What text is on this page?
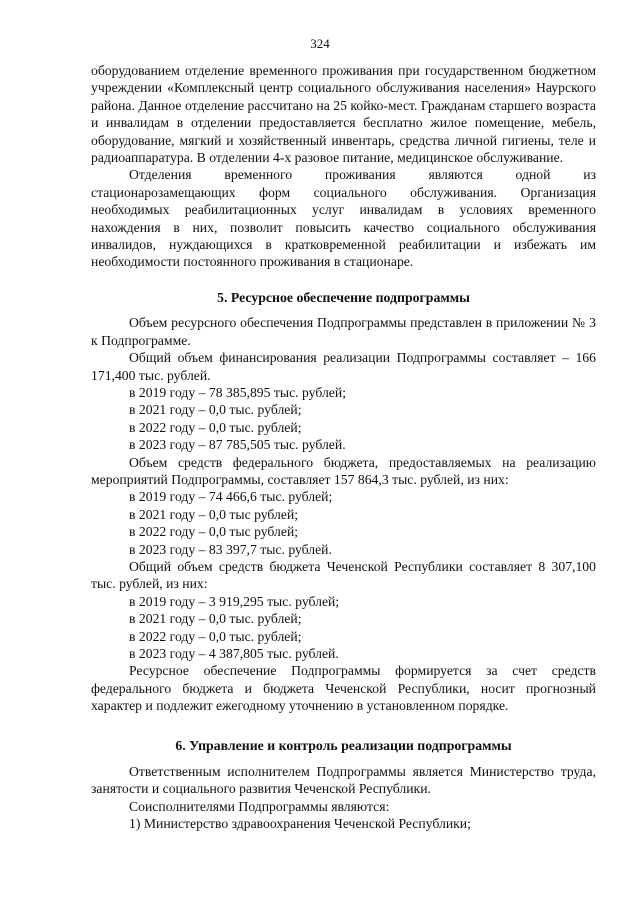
324

оборудованием отделение временного проживания при государственном бюджетном учреждении «Комплексный центр социального обслуживания населения» Наурского района. Данное отделение рассчитано на 25 койко-мест. Гражданам старшего возраста и инвалидам в отделении предоставляется бесплатно жилое помещение, мебель, оборудование, мягкий и хозяйственный инвентарь, средства личной гигиены, теле и радиоаппаратура. В отделении 4-х разовое питание, медицинское обслуживание.

Отделения временного проживания являются одной из стационарозамещающих форм социального обслуживания. Организация необходимых реабилитационных услуг инвалидам в условиях временного нахождения в них, позволит повысить качество социального обслуживания инвалидов, нуждающихся в кратковременной реабилитации и избежать им необходимости постоянного проживания в стационаре.

5. Ресурсное обеспечение подпрограммы

Объем ресурсного обеспечения Подпрограммы представлен в приложении № 3 к Подпрограмме.

Общий объем финансирования реализации Подпрограммы составляет – 166 171,400 тыс. рублей.

в 2019 году – 78 385,895 тыс. рублей;

в 2021 году – 0,0 тыс. рублей;

в 2022 году – 0,0 тыс. рублей;

в 2023 году – 87 785,505 тыс. рублей.

Объем средств федерального бюджета, предоставляемых на реализацию мероприятий Подпрограммы, составляет 157 864,3 тыс. рублей, из них:

в 2019 году – 74 466,6 тыс. рублей;

в 2021 году – 0,0 тыс рублей;

в 2022 году – 0,0 тыс рублей;

в 2023 году – 83 397,7 тыс. рублей.

Общий объем средств бюджета Чеченской Республики составляет 8 307,100 тыс. рублей, из них:

в 2019 году – 3 919,295 тыс. рублей;

в 2021 году – 0,0 тыс. рублей;

в 2022 году – 0,0 тыс. рублей;

в 2023 году – 4 387,805 тыс. рублей.

Ресурсное обеспечение Подпрограммы формируется за счет средств федерального бюджета и бюджета Чеченской Республики, носит прогнозный характер и подлежит ежегодному уточнению в установленном порядке.

6. Управление и контроль реализации подпрограммы

Ответственным исполнителем Подпрограммы является Министерство труда, занятости и социального развития Чеченской Республики.

Соисполнителями Подпрограммы являются:

1) Министерство здравоохранения Чеченской Республики;
